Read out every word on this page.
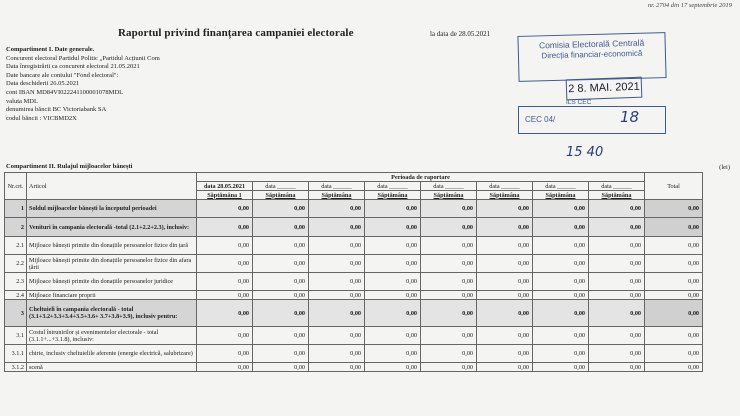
nr. 2704 din 17 septembrie 2019
Raportul privind finanțarea campaniei electorale	la data de 28.05.2021
Compartiment I. Date generale.
Concurent electoral Partidul Politic „Partidul Acțiunii Com
Data înregistrării ca concurent electoral 21.05.2021
Date bancare ale contului "Fond electoral":
Data deschiderii 26.05.2021
cont IBAN MD84VI022241100001078MDL
valuta MDL
denumirea băncii BC Victoriabank SA
codul băncii : VICBMD2X
Comisia Electorală Centrală
Direcția financiar-economică
2 8. MAI. 2021
ILS CEC
CEC 04/	18
15 40
Compartiment II. Rulajul mijloacelor bănești	(lei)
Nr.crt.	Articol	Perioada de raportare								Total
		data 28.05.2021	data ______	data ______	data ______	data ______	data ______	data ______	data ______	
		Săptămâna 1	Săptămâna	Săptămâna	Săptămâna	Săptămâna	Săptămâna	Săptămâna	Săptămâna	
1	Soldul mijloacelor bănești la începutul perioadei	0,00	0,00	0,00	0,00	0,00	0,00	0,00	0,00	0,00
2	Venituri în campania electorală -total (2.1+2.2+2.3), inclusiv:	0,00	0,00	0,00	0,00	0,00	0,00	0,00	0,00	0,00
2.1	Mijloace bănești primite din donațiile persoanelor fizice din țară	0,00	0,00	0,00	0,00	0,00	0,00	0,00	0,00	0,00
2.2	Mijloace bănești primite din donațiile persoanelor fizice din afara țării	0,00	0,00	0,00	0,00	0,00	0,00	0,00	0,00	0,00
2.3	Mijloace bănești primite din donațiile persoanelor juridice	0,00	0,00	0,00	0,00	0,00	0,00	0,00	0,00	0,00
2.4	Mijloace financiare proprii	0,00	0,00	0,00	0,00	0,00	0,00	0,00	0,00	0,00
3	Cheltuieli în campania electorală - total (3.1+3.2+3.3+3.4+3.5+3.6+ 3.7+3.8+3.9), inclusiv pentru:	0,00	0,00	0,00	0,00	0,00	0,00	0,00	0,00	0,00
3.1	Costul întrunirilor și evenimentelor electorale - total (3.1.1+...+3.1.8), inclusiv:	0,00	0,00	0,00	0,00	0,00	0,00	0,00	0,00	0,00
3.1.1	chirie, inclusiv cheltuielile aferente (energie electrică, salubrizare)	0,00	0,00	0,00	0,00	0,00	0,00	0,00	0,00	0,00
3.1.2	scenă	0,00	0,00	0,00	0,00	0,00	0,00	0,00	0,00	0,00
